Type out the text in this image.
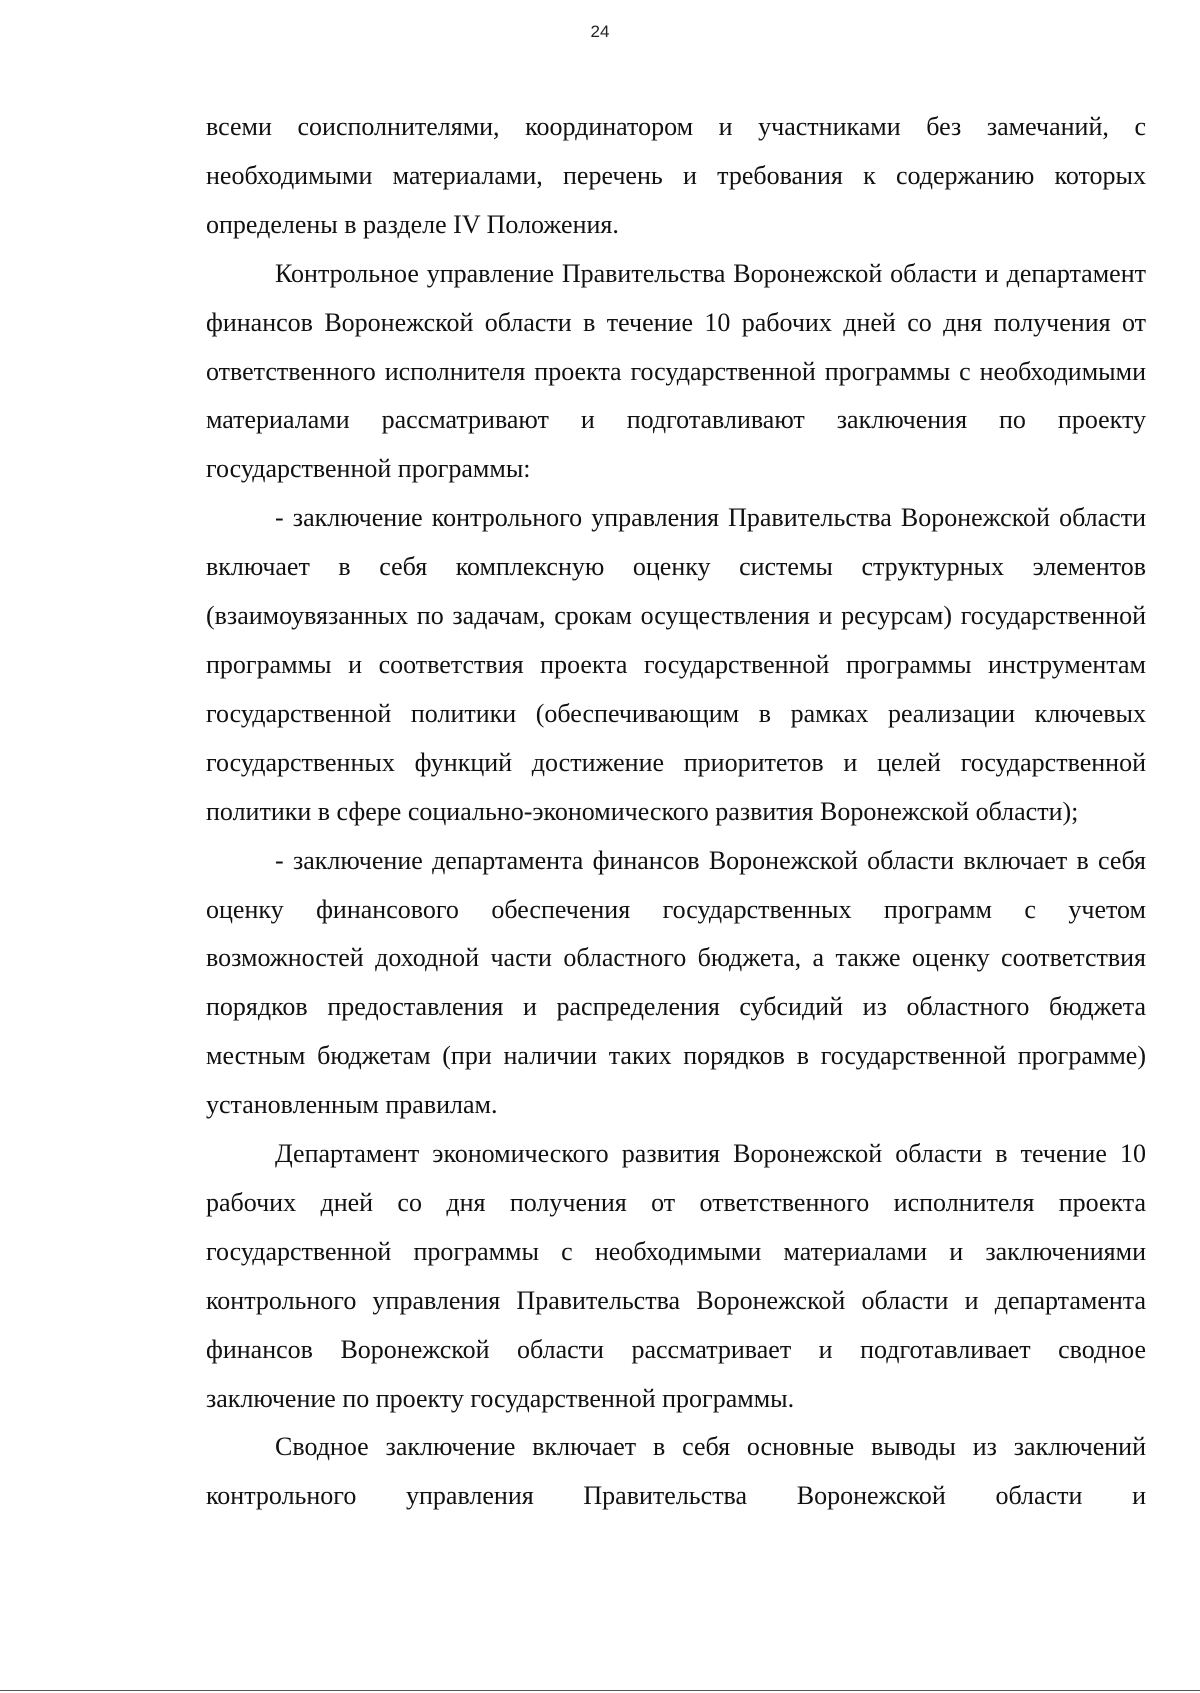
24

всеми соисполнителями, координатором и участниками без замечаний, с необходимыми материалами, перечень и требования к содержанию которых определены в разделе IV Положения.

Контрольное управление Правительства Воронежской области и департамент финансов Воронежской области в течение 10 рабочих дней со дня получения от ответственного исполнителя проекта государственной программы с необходимыми материалами рассматривают и подготавливают заключения по проекту государственной программы:

- заключение контрольного управления Правительства Воронежской области включает в себя комплексную оценку системы структурных элементов (взаимоувязанных по задачам, срокам осуществления и ресурсам) государственной программы и соответствия проекта государственной программы инструментам государственной политики (обеспечивающим в рамках реализации ключевых государственных функций достижение приоритетов и целей государственной политики в сфере социально-экономического развития Воронежской области);

- заключение департамента финансов Воронежской области включает в себя оценку финансового обеспечения государственных программ с учетом возможностей доходной части областного бюджета, а также оценку соответствия порядков предоставления и распределения субсидий из областного бюджета местным бюджетам (при наличии таких порядков в государственной программе) установленным правилам.

Департамент экономического развития Воронежской области в течение 10 рабочих дней со дня получения от ответственного исполнителя проекта государственной программы с необходимыми материалами и заключениями контрольного управления Правительства Воронежской области и департамента финансов Воронежской области рассматривает и подготавливает сводное заключение по проекту государственной программы.

Сводное заключение включает в себя основные выводы из заключений контрольного управления Правительства Воронежской области и
